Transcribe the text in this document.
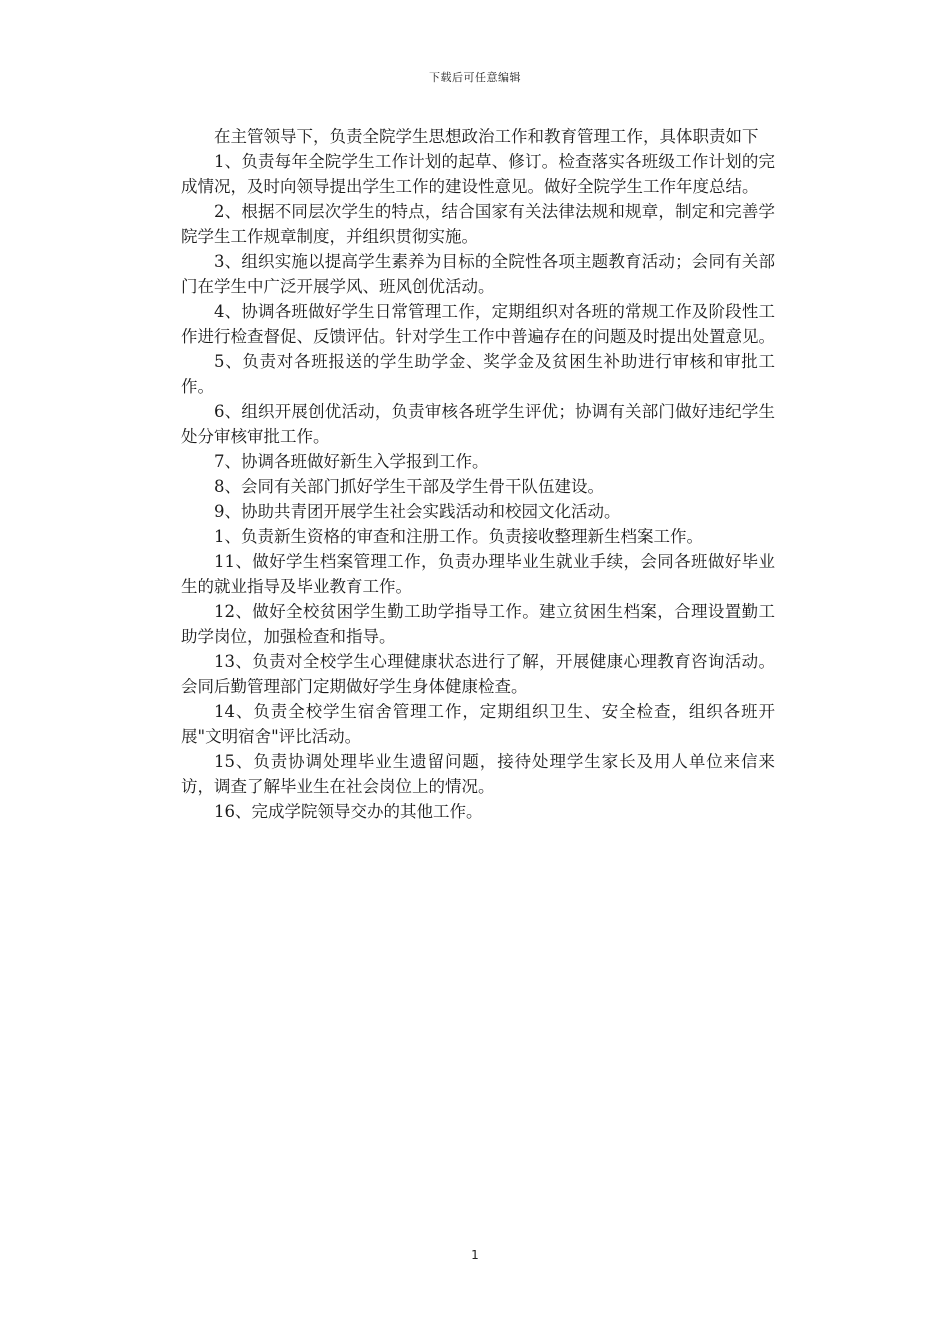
下载后可任意编辑

在主管领导下，负责全院学生思想政治工作和教育管理工作，具体职责如下

1、负责每年全院学生工作计划的起草、修订。检查落实各班级工作计划的完成情况，及时向领导提出学生工作的建设性意见。做好全院学生工作年度总结。

2、根据不同层次学生的特点，结合国家有关法律法规和规章，制定和完善学院学生工作规章制度，并组织贯彻实施。

3、组织实施以提高学生素养为目标的全院性各项主题教育活动；会同有关部门在学生中广泛开展学风、班风创优活动。

4、协调各班做好学生日常管理工作，定期组织对各班的常规工作及阶段性工作进行检查督促、反馈评估。针对学生工作中普遍存在的问题及时提出处置意见。

5、负责对各班报送的学生助学金、奖学金及贫困生补助进行审核和审批工作。

6、组织开展创优活动，负责审核各班学生评优；协调有关部门做好违纪学生处分审核审批工作。

7、协调各班做好新生入学报到工作。

8、会同有关部门抓好学生干部及学生骨干队伍建设。

9、协助共青团开展学生社会实践活动和校园文化活动。

1、负责新生资格的审查和注册工作。负责接收整理新生档案工作。

11、做好学生档案管理工作，负责办理毕业生就业手续，会同各班做好毕业生的就业指导及毕业教育工作。

12、做好全校贫困学生勤工助学指导工作。建立贫困生档案，合理设置勤工助学岗位，加强检查和指导。

13、负责对全校学生心理健康状态进行了解，开展健康心理教育咨询活动。会同后勤管理部门定期做好学生身体健康检查。

14、负责全校学生宿舍管理工作，定期组织卫生、安全检查，组织各班开展"文明宿舍"评比活动。

15、负责协调处理毕业生遗留问题，接待处理学生家长及用人单位来信来访，调查了解毕业生在社会岗位上的情况。

16、完成学院领导交办的其他工作。

1
